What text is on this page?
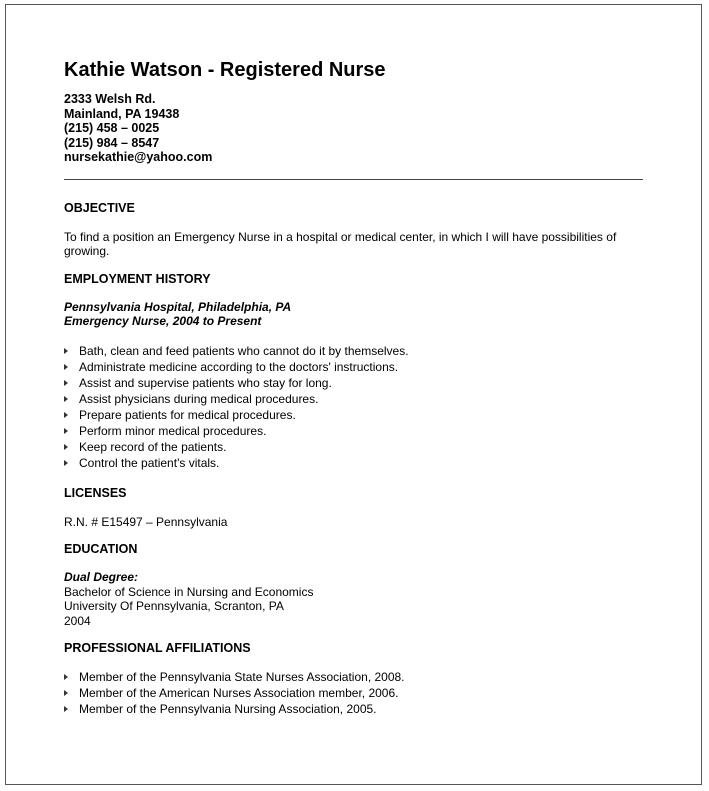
Kathie Watson - Registered Nurse
2333 Welsh Rd.
Mainland, PA 19438
(215) 458 – 0025
(215) 984 – 8547
nursekathie@yahoo.com
OBJECTIVE

To find a position an Emergency Nurse in a hospital or medical center, in which I will have possibilities of growing.

EMPLOYMENT HISTORY
Pennsylvania Hospital, Philadelphia, PA
Emergency Nurse, 2004 to Present
Bath, clean and feed patients who cannot do it by themselves.
Administrate medicine according to the doctors' instructions.
Assist and supervise patients who stay for long.
Assist physicians during medical procedures.
Prepare patients for medical procedures.
Perform minor medical procedures.
Keep record of the patients.
Control the patient's vitals.
LICENSES

R.N. # E15497 – Pennsylvania

EDUCATION
Dual Degree:
Bachelor of Science in Nursing and Economics
University Of Pennsylvania, Scranton, PA
2004
PROFESSIONAL AFFILIATIONS
Member of the Pennsylvania State Nurses Association, 2008.
Member of the American Nurses Association member, 2006.
Member of the Pennsylvania Nursing Association, 2005.
